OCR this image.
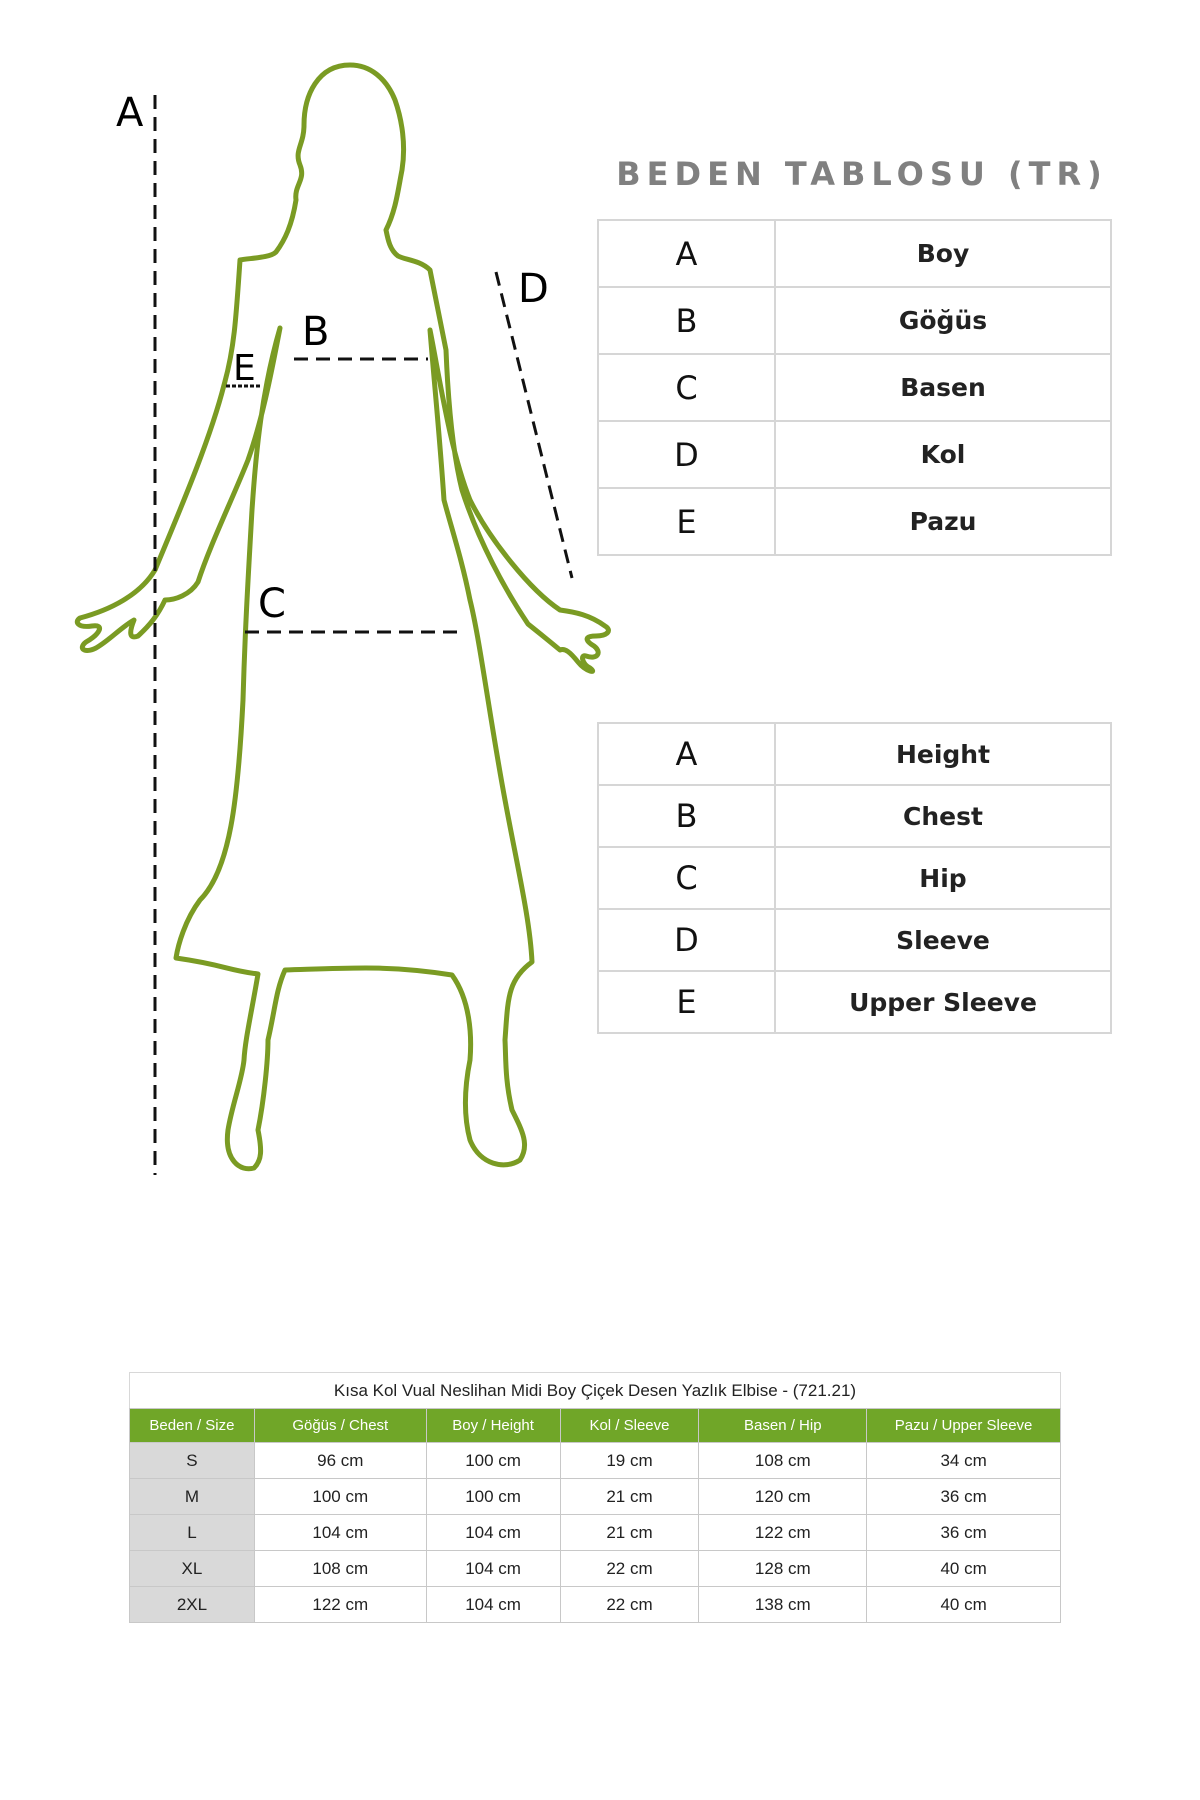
A
B
C
D
E
BEDEN TABLOSU (TR)
A	Boy
B	Göğüs
C	Basen
D	Kol
E	Pazu
A	Height
B	Chest
C	Hip
D	Sleeve
E	Upper Sleeve
Kısa Kol Vual Neslihan Midi Boy Çiçek Desen Yazlık Elbise - (721.21)
Beden / Size	Göğüs / Chest	Boy / Height	Kol / Sleeve	Basen / Hip	Pazu / Upper Sleeve
S	96 cm	100 cm	19 cm	108 cm	34 cm
M	100 cm	100 cm	21 cm	120 cm	36 cm
L	104 cm	104 cm	21 cm	122 cm	36 cm
XL	108 cm	104 cm	22 cm	128 cm	40 cm
2XL	122 cm	104 cm	22 cm	138 cm	40 cm
